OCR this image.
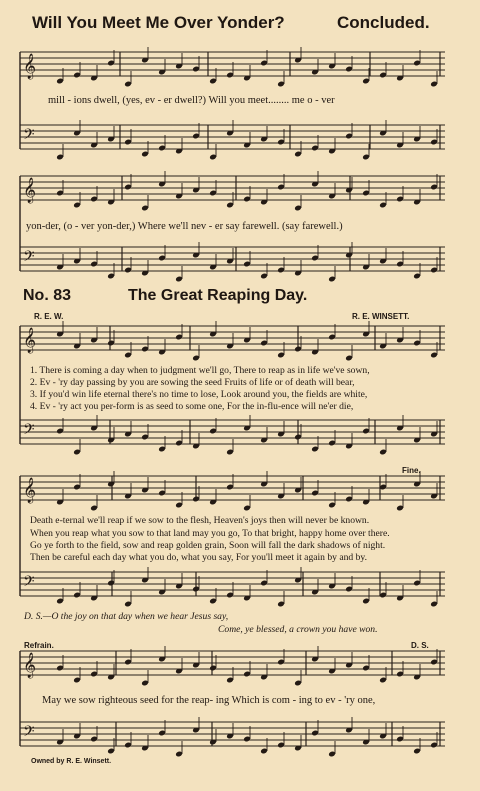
Will You Meet Me Over Yonder?	Concluded.
mill - ions dwell, (yes, ev - er dwell?) Will you meet........ me o - ver
yon-der, (o - ver yon-der,) Where we'll nev - er say farewell. (say farewell.)
No. 83	The Great Reaping Day.
R. E. W.	R. E. WINSETT.
1. There is coming a day when to judgment we'll go, There to reap as in life we've sown,
2. Ev - 'ry day passing by you are sowing the seed Fruits of life or of death will bear,
3. If you'd win life eternal there's no time to lose, Look around you, the fields are white,
4. Ev - 'ry act you per-form is as seed to some one, For the in-flu-ence will ne'er die,
Fine.
Death e-ternal we'll reap if we sow to the flesh, Heaven's joys then will never be known.
When you reap what you sow to that land may you go, To that bright, happy home over there.
Go ye forth to the field, sow and reap golden grain, Soon will fall the dark shadows of night.
Then be careful each day what you do, what you say, For you'll meet it again by and by.
D. S.—O the joy on that day when we hear Jesus say,
Come, ye blessed, a crown you have won.
Refrain.	D. S.
May we sow righteous seed for the reap- ing Which is com - ing to ev - 'ry one,
Owned by R. E. Winsett.
𝄞
𝄢
𝄞
𝄢
𝄞
𝄢
𝄞
𝄢
𝄞
𝄢
